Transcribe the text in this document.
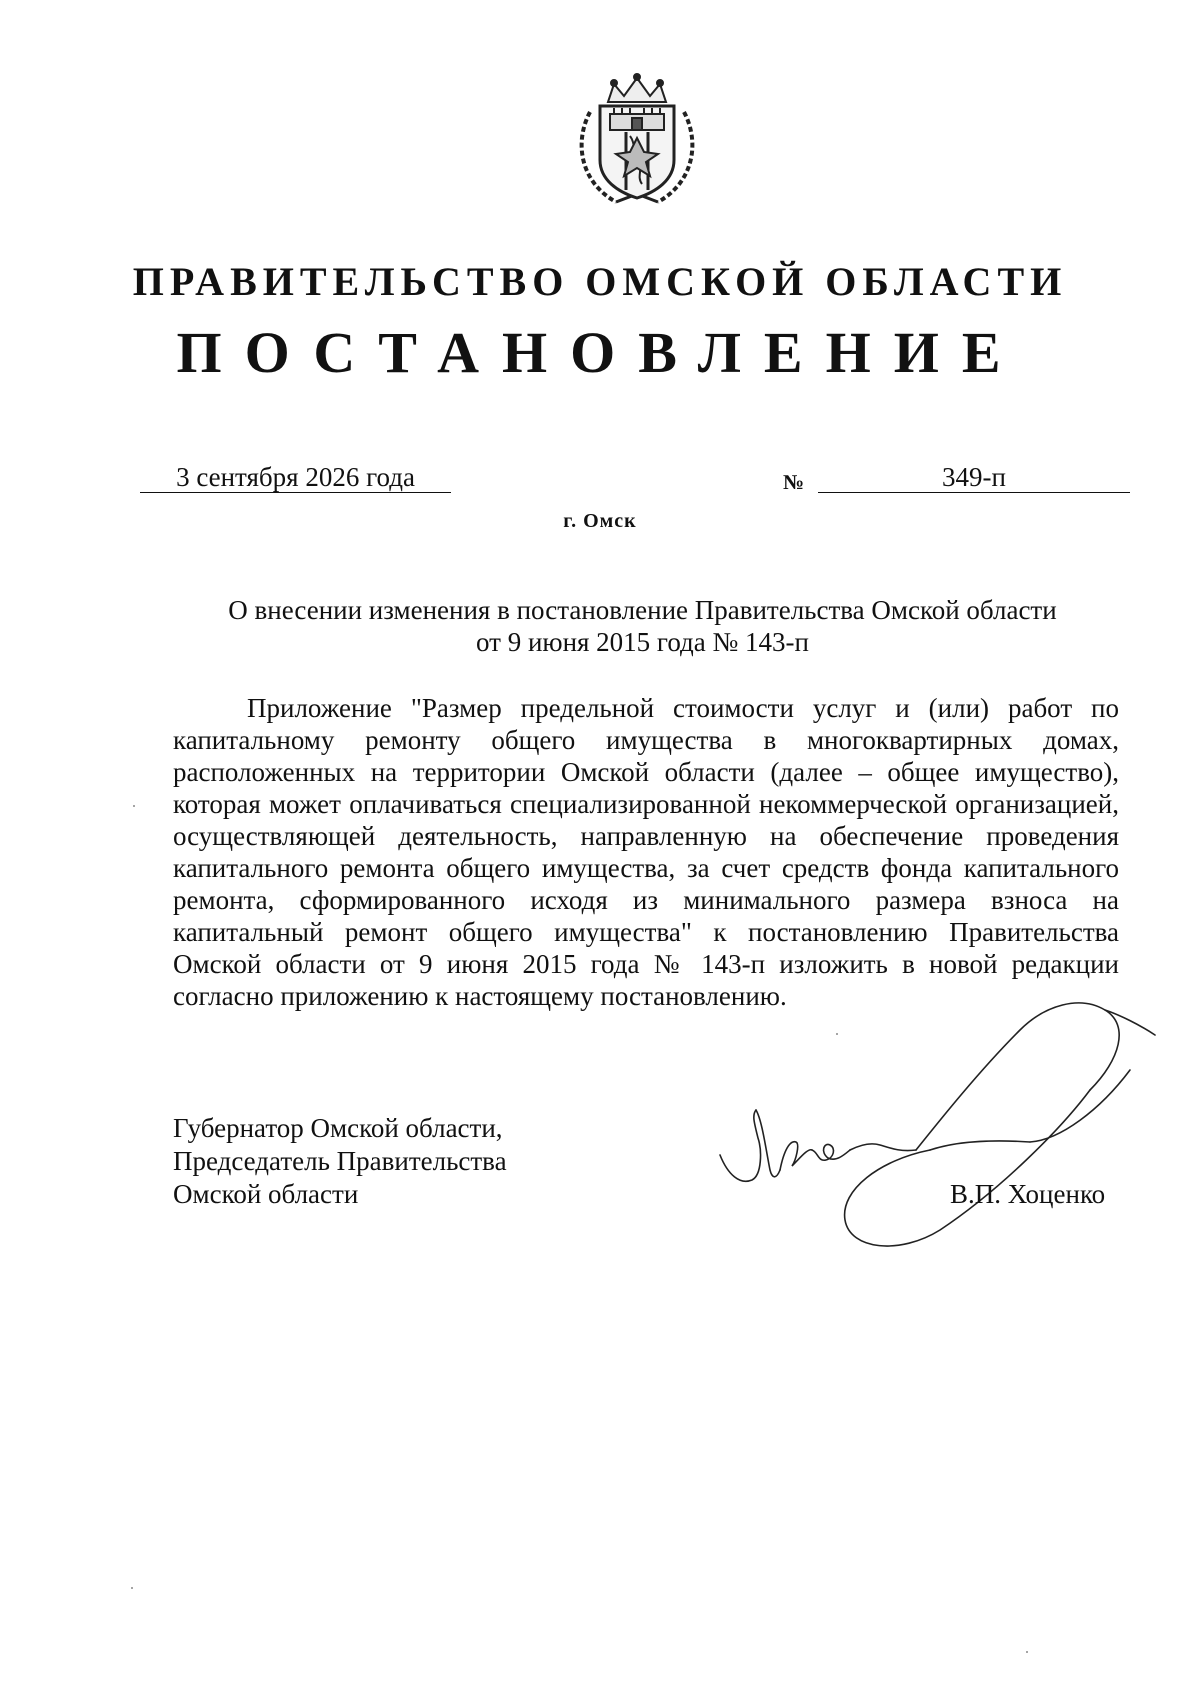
ПРАВИТЕЛЬСТВО ОМСКОЙ ОБЛАСТИ
ПОСТАНОВЛЕНИЕ
3 сентября 2026 года	№	349-п
г. Омск
О внесении изменения в постановление Правительства Омской области
от 9 июня 2015 года № 143-п

Приложение "Размер предельной стоимости услуг и (или) работ по капитальному ремонту общего имущества в многоквартирных домах, расположенных на территории Омской области (далее – общее имущество), которая может оплачиваться специализированной некоммерческой организацией, осуществляющей деятельность, направленную на обеспечение проведения капитального ремонта общего имущества, за счет средств фонда капитального ремонта, сформированного исходя из минимального размера взноса на капитальный ремонт общего имущества" к постановлению Правительства Омской области от 9 июня 2015 года № 143-п изложить в новой редакции согласно приложению к настоящему постановлению.

Губернатор Омской области,
Председатель Правительства
Омской области	В.П. Хоценко
